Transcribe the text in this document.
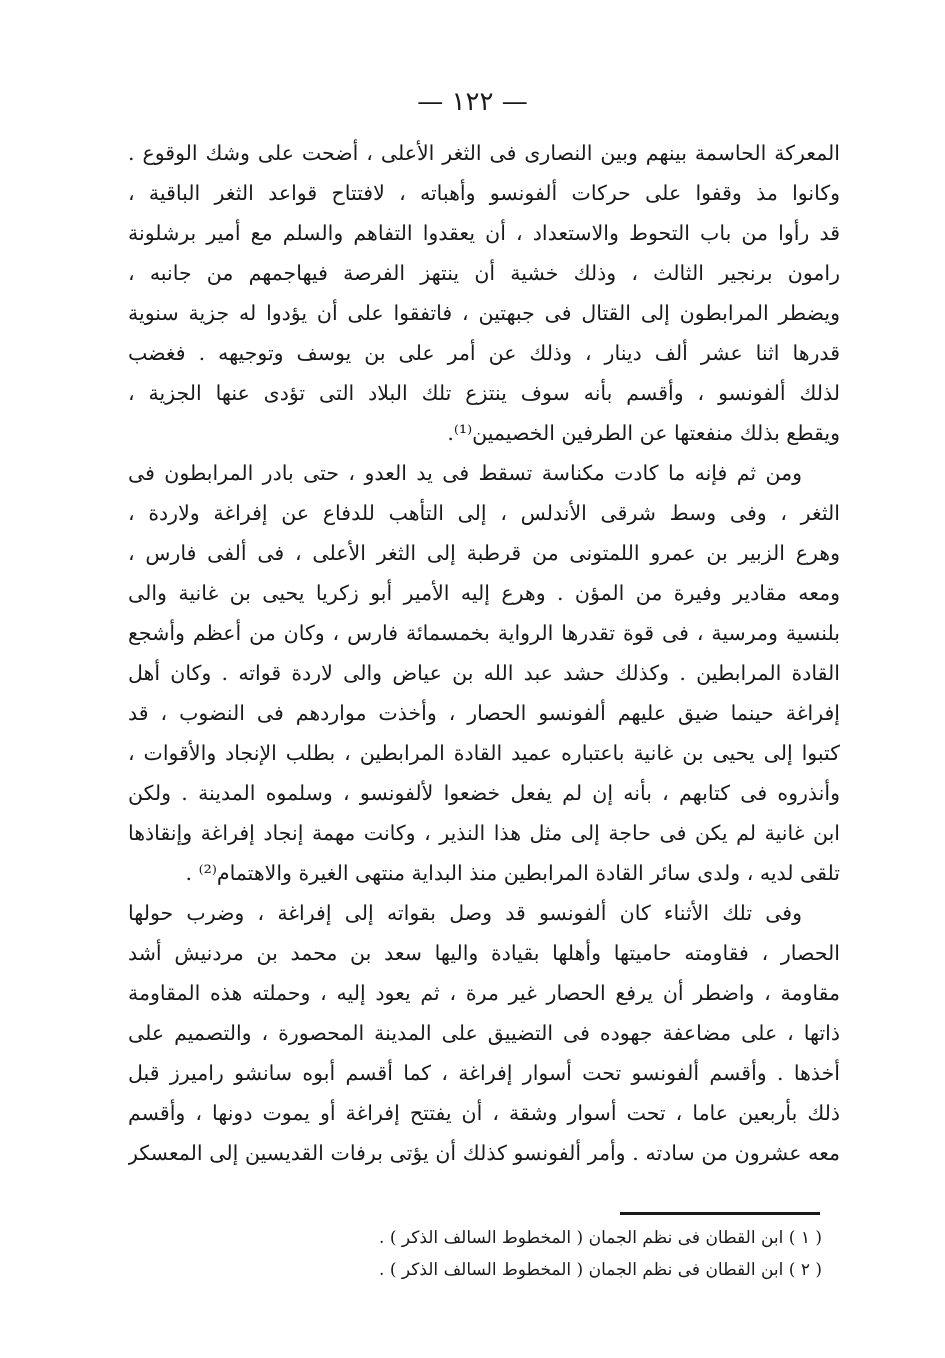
— ١٢٢ —
المعركة الحاسمة بينهم وبين النصارى فى الثغر الأعلى ، أضحت على وشك الوقوع .
وكانوا مذ وقفوا على حركات ألفونسو وأهباته ، لافتتاح قواعد الثغر الباقية ،
قد رأوا من باب التحوط والاستعداد ، أن يعقدوا التفاهم والسلم مع أمير برشلونة
رامون برنجير الثالث ، وذلك خشية أن ينتهز الفرصة فيهاجمهم من جانبه ،
ويضطر المرابطون إلى القتال فى جبهتين ، فاتفقوا على أن يؤدوا له جزية سنوية
قدرها اثنا عشر ألف دينار ، وذلك عن أمر على بن يوسف وتوجيهه . فغضب
لذلك ألفونسو ، وأقسم بأنه سوف ينتزع تلك البلاد التى تؤدى عنها الجزية ،
ويقطع بذلك منفعتها عن الطرفين الخصيمين⁽¹⁾.
ومن ثم فإنه ما كادت مكناسة تسقط فى يد العدو ، حتى بادر المرابطون فى
الثغر ، وفى وسط شرقى الأندلس ، إلى التأهب للدفاع عن إفراغة ولاردة ،
وهرع الزبير بن عمرو اللمتونى من قرطبة إلى الثغر الأعلى ، فى ألفى فارس ،
ومعه مقادير وفيرة من المؤن . وهرع إليه الأمير أبو زكريا يحيى بن غانية والى
بلنسية ومرسية ، فى قوة تقدرها الرواية بخمسمائة فارس ، وكان من أعظم وأشجع
القادة المرابطين . وكذلك حشد عبد الله بن عياض والى لاردة قواته . وكان أهل
إفراغة حينما ضيق عليهم ألفونسو الحصار ، وأخذت مواردهم فى النضوب ، قد
كتبوا إلى يحيى بن غانية باعتباره عميد القادة المرابطين ، بطلب الإنجاد والأقوات ،
وأنذروه فى كتابهم ، بأنه إن لم يفعل خضعوا لألفونسو ، وسلموه المدينة . ولكن
ابن غانية لم يكن فى حاجة إلى مثل هذا النذير ، وكانت مهمة إنجاد إفراغة وإنقاذها
تلقى لديه ، ولدى سائر القادة المرابطين منذ البداية منتهى الغيرة والاهتمام⁽²⁾ .
وفى تلك الأثناء كان ألفونسو قد وصل بقواته إلى إفراغة ، وضرب حولها
الحصار ، فقاومته حاميتها وأهلها بقيادة واليها سعد بن محمد بن مردنيش أشد
مقاومة ، واضطر أن يرفع الحصار غير مرة ، ثم يعود إليه ، وحملته هذه المقاومة
ذاتها ، على مضاعفة جهوده فى التضييق على المدينة المحصورة ، والتصميم على
أخذها . وأقسم ألفونسو تحت أسوار إفراغة ، كما أقسم أبوه سانشو راميرز قبل
ذلك بأربعين عاما ، تحت أسوار وشقة ، أن يفتتح إفراغة أو يموت دونها ، وأقسم
معه عشرون من سادته . وأمر ألفونسو كذلك أن يؤتى برفات القديسين إلى المعسكر
( ١ ) ابن القطان فى نظم الجمان ( المخطوط السالف الذكر ) .
( ٢ ) ابن القطان فى نظم الجمان ( المخطوط السالف الذكر ) .
